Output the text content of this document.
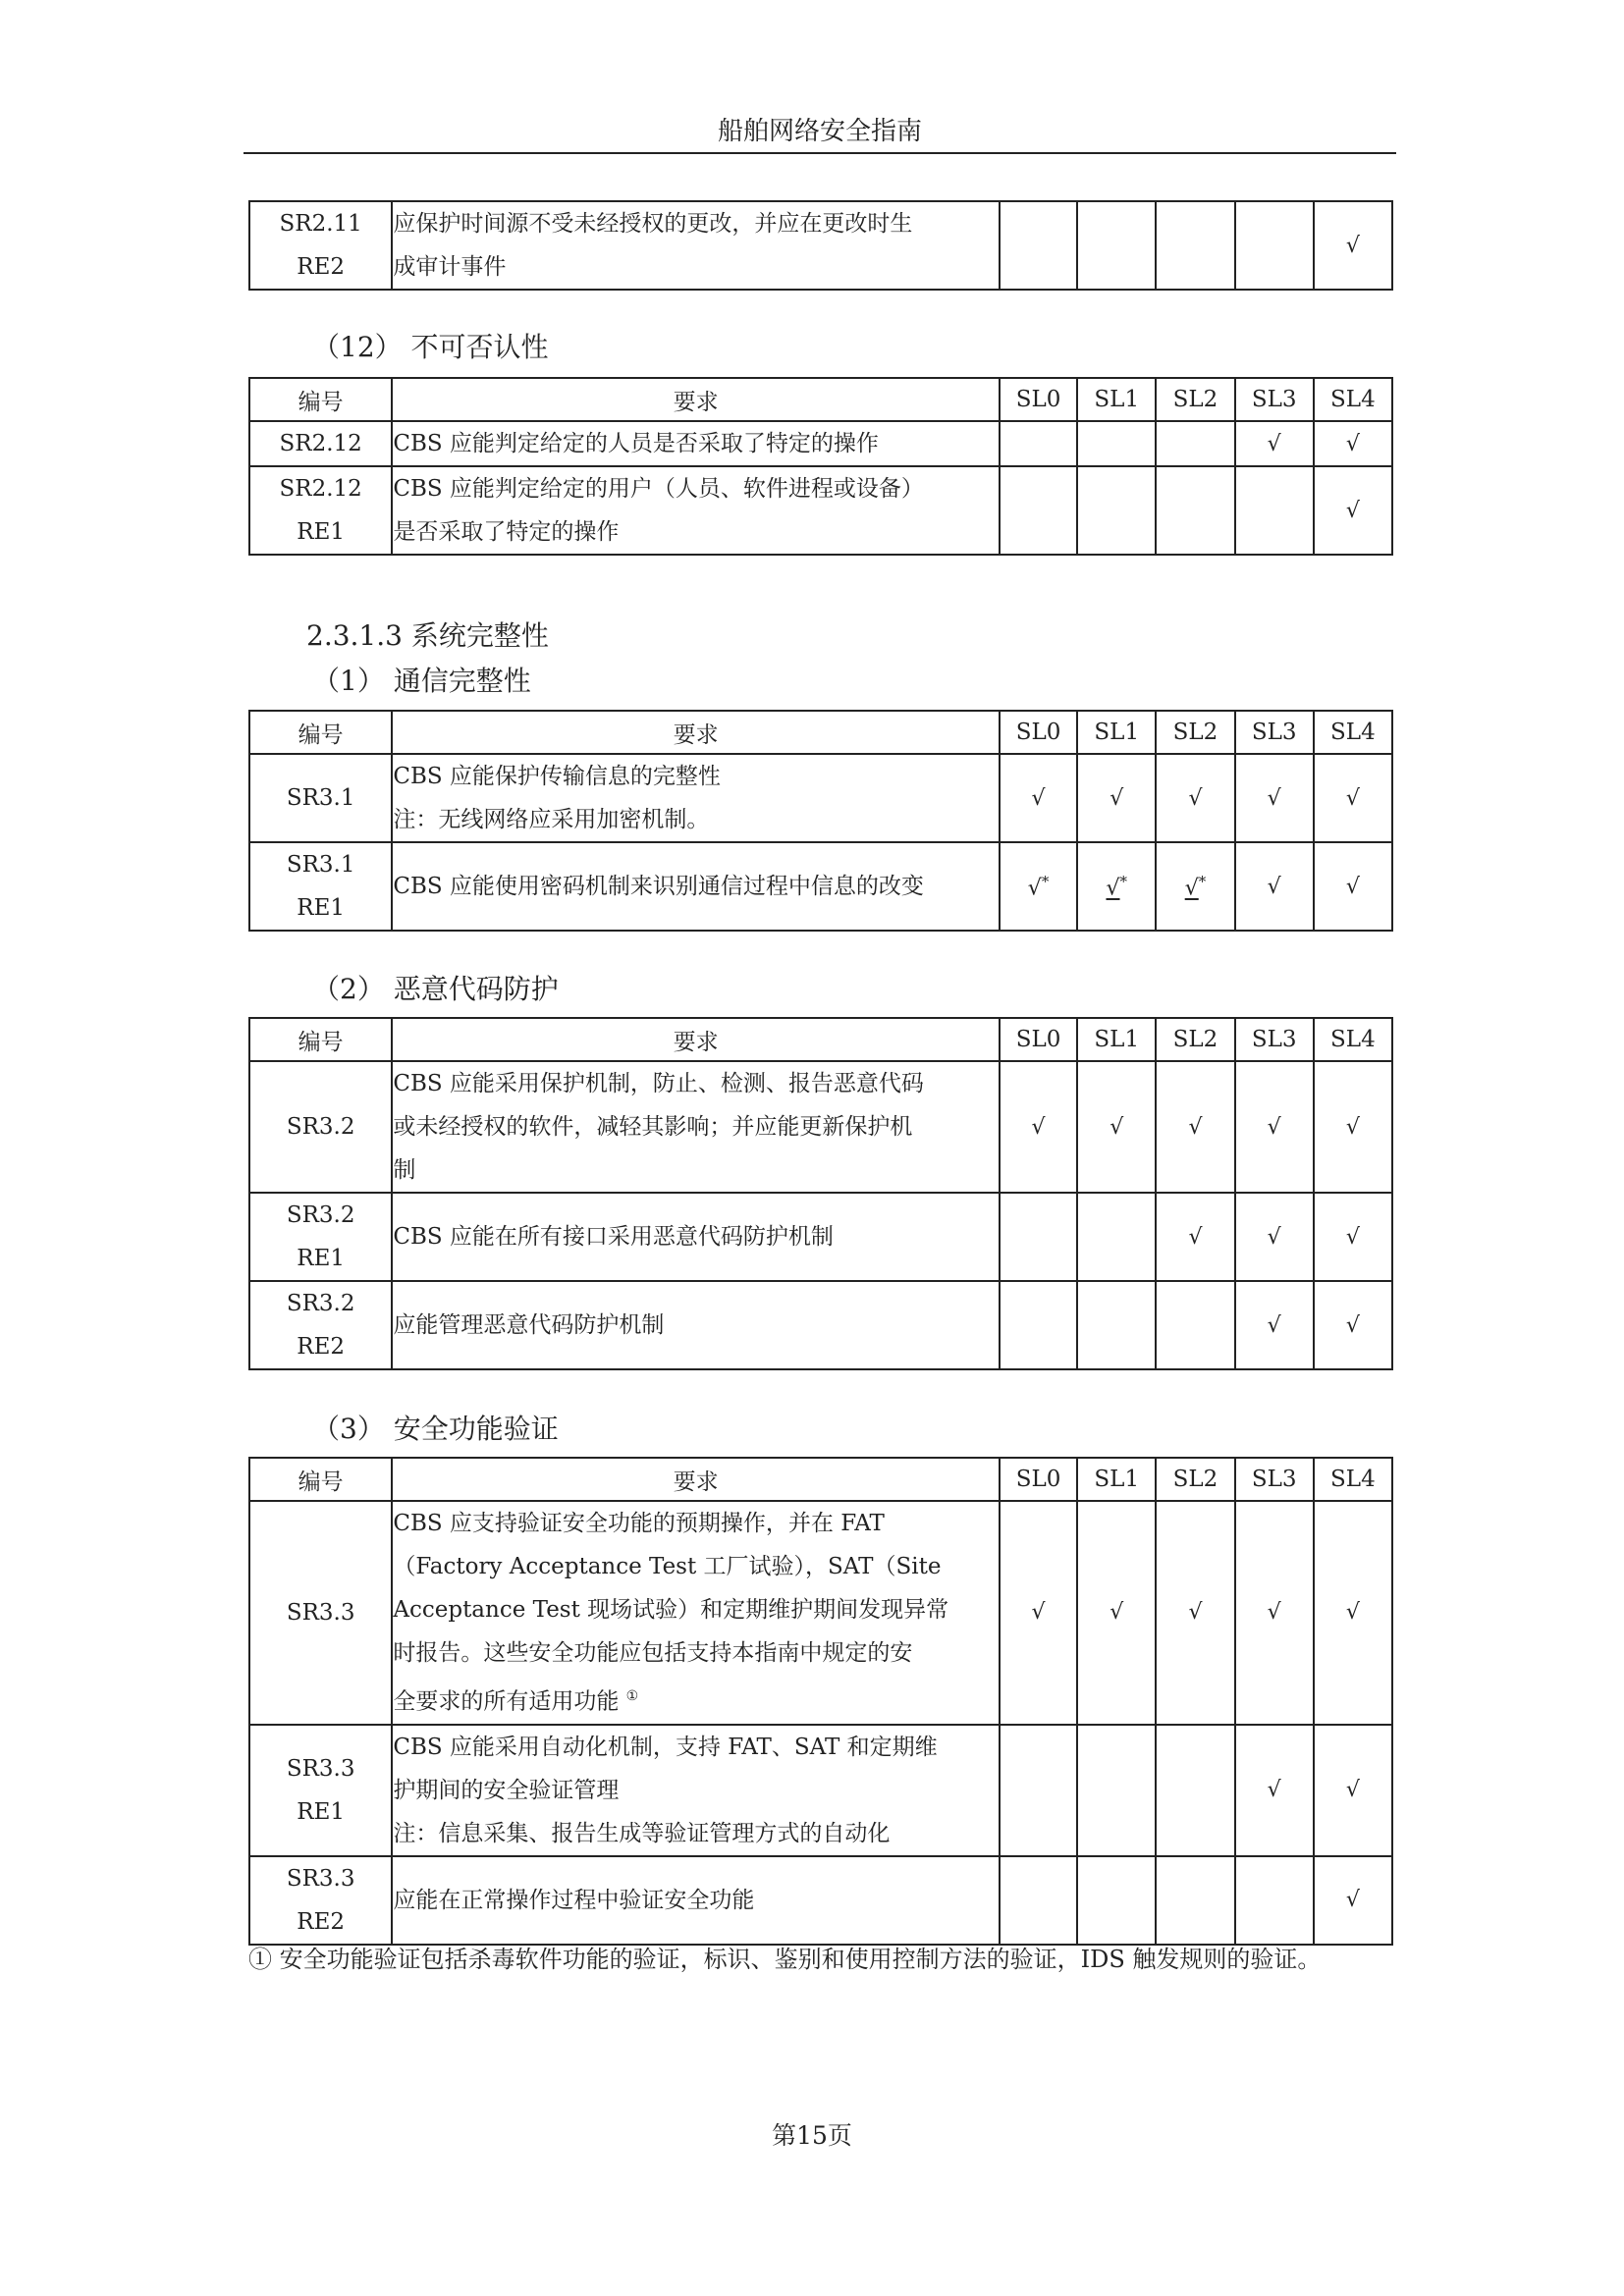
船舶网络安全指南
SR2.11
RE2	应保护时间源不受未经授权的更改，并应在更改时生
成审计事件					√
（12） 不可否认性
编号	要求	SL0	SL1	SL2	SL3	SL4
SR2.12	CBS 应能判定给定的人员是否采取了特定的操作				√	√
SR2.12
RE1	CBS 应能判定给定的用户（人员、软件进程或设备）
是否采取了特定的操作					√
2.3.1.3 系统完整性
（1） 通信完整性
编号	要求	SL0	SL1	SL2	SL3	SL4
SR3.1	CBS 应能保护传输信息的完整性
注：无线网络应采用加密机制。	√	√	√	√	√
SR3.1
RE1	CBS 应能使用密码机制来识别通信过程中信息的改变	√*	√*	√*	√	√
（2） 恶意代码防护
编号	要求	SL0	SL1	SL2	SL3	SL4
SR3.2	CBS 应能采用保护机制，防止、检测、报告恶意代码
或未经授权的软件，减轻其影响；并应能更新保护机
制	√	√	√	√	√
SR3.2
RE1	CBS 应能在所有接口采用恶意代码防护机制			√	√	√
SR3.2
RE2	应能管理恶意代码防护机制				√	√
（3） 安全功能验证
编号	要求	SL0	SL1	SL2	SL3	SL4
SR3.3	CBS 应支持验证安全功能的预期操作，并在 FAT
（Factory Acceptance Test 工厂试验），SAT（Site
Acceptance Test 现场试验）和定期维护期间发现异常
时报告。这些安全功能应包括支持本指南中规定的安
全要求的所有适用功能 ①	√	√	√	√	√
SR3.3
RE1	CBS 应能采用自动化机制，支持 FAT、SAT 和定期维
护期间的安全验证管理
注：信息采集、报告生成等验证管理方式的自动化				√	√
SR3.3
RE2	应能在正常操作过程中验证安全功能					√
① 安全功能验证包括杀毒软件功能的验证，标识、鉴别和使用控制方法的验证，IDS 触发规则的验证。
第15页
